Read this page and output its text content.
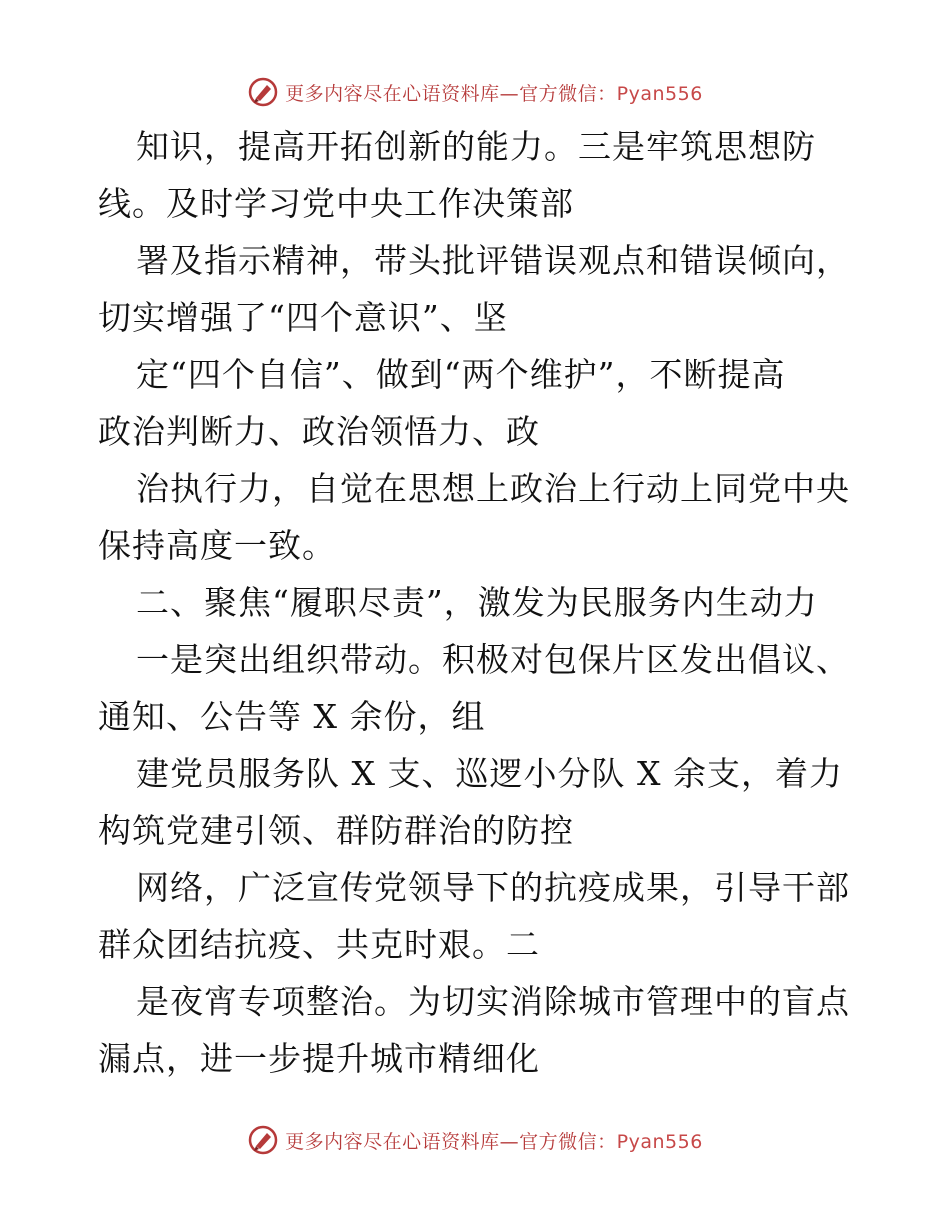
更多内容尽在心语资料库—官方微信：Pyan556
知识，提高开拓创新的能力。三是牢筑思想防
线。及时学习党中央工作决策部
署及指示精神，带头批评错误观点和错误倾向，
切实增强了“四个意识”、坚
定“四个自信”、做到“两个维护”，不断提高
政治判断力、政治领悟力、政
治执行力，自觉在思想上政治上行动上同党中央
保持高度一致。
二、聚焦“履职尽责”，激发为民服务内生动力
一是突出组织带动。积极对包保片区发出倡议、
通知、公告等 X 余份，组
建党员服务队 X 支、巡逻小分队 X 余支，着力
构筑党建引领、群防群治的防控
网络，广泛宣传党领导下的抗疫成果，引导干部
群众团结抗疫、共克时艰。二
是夜宵专项整治。为切实消除城市管理中的盲点
漏点，进一步提升城市精细化
更多内容尽在心语资料库—官方微信：Pyan556
